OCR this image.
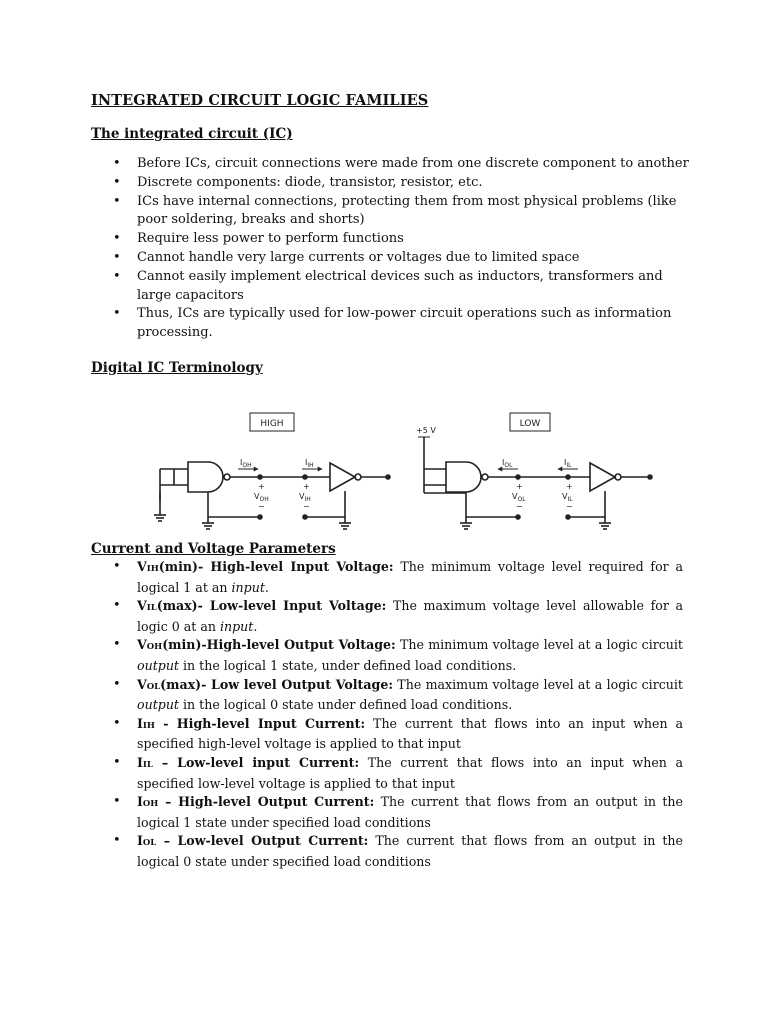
INTEGRATED CIRCUIT LOGIC FAMILIES
The integrated circuit (IC)
• Before ICs, circuit connections were made from one discrete component to another
• Discrete components: diode, transistor, resistor, etc.
• ICs have internal connections, protecting them from most physical problems (like poor soldering, breaks and shorts)
• Require less power to perform functions
• Cannot handle very large currents or voltages due to limited space
• Cannot easily implement electrical devices such as inductors, transformers and large capacitors
• Thus, ICs are typically used for low-power circuit operations such as information processing.
Digital IC Terminology
HIGH	LOW
+5 V
$I_{OH}$	$I_{IH}$
+
$V_{OH}$
−
+
$V_{IH}$
−
$I_{OL}$	$I_{IL}$
+
$V_{OL}$
−
+
$V_{IL}$
−
Current and Voltage Parameters
• VIH(min)- High-level Input Voltage: The minimum voltage level required for a logical 1 at an input.
• VIL(max)- Low-level Input Voltage: The maximum voltage level allowable for a logic 0 at an input.
• VOH(min)-High-level Output Voltage: The minimum voltage level at a logic circuit output in the logical 1 state, under defined load conditions.
• VOL(max)- Low level Output Voltage: The maximum voltage level at a logic circuit output in the logical 0 state under defined load conditions.
• IIH - High-level Input Current: The current that flows into an input when a specified high-level voltage is applied to that input
• IIL – Low-level input Current: The current that flows into an input when a specified low-level voltage is applied to that input
• IOH – High-level Output Current: The current that flows from an output in the logical 1 state under specified load conditions
• IOL – Low-level Output Current: The current that flows from an output in the logical 0 state under specified load conditions
